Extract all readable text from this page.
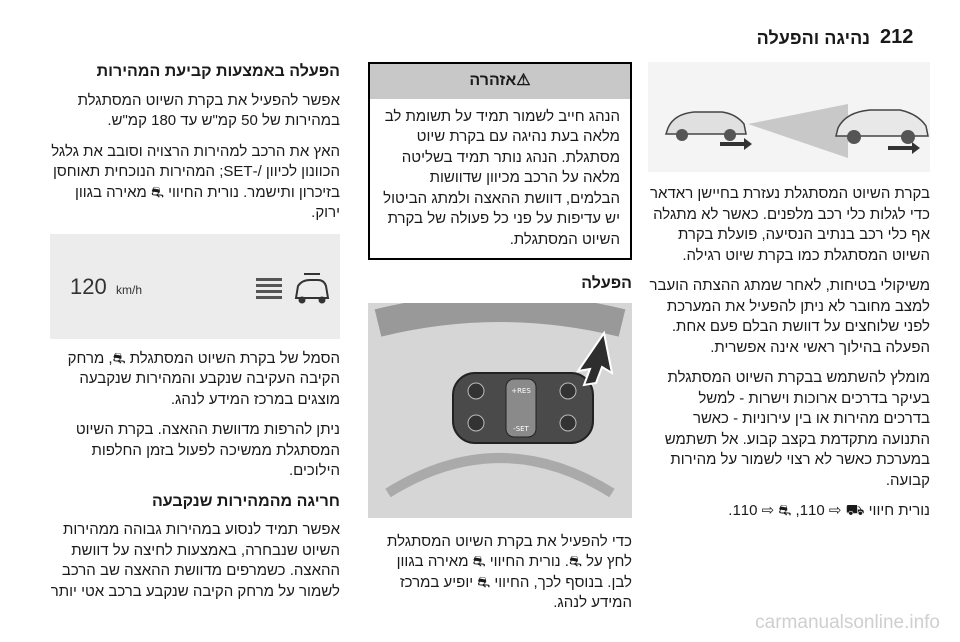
212
נהיגה והפעלה

בקרת השיוט המסתגלת נעזרת בחיישן ראדאר כדי לגלות כלי רכב מלפנים. כאשר לא מתגלה אף כלי רכב בנתיב הנסיעה, פועלת בקרת השיוט המסתגלת כמו בקרת שיוט רגילה.

משיקולי בטיחות, לאחר שמתג ההצתה הועבר למצב מחובר לא ניתן להפעיל את המערכת לפני שלוחצים על דוושת הבלם פעם אחת. הפעלה בהילוך ראשי אינה אפשרית.

מומלץ להשתמש בבקרת השיוט המסתגלת בעיקר בדרכים ארוכות וישרות - למשל בדרכים מהירות או בין עירוניות - כאשר התנועה מתקדמת בקצב קבוע. אל תשתמש במערכת כאשר לא רצוי לשמור על מהירות קבועה.

נורית חיווי ⛟ ⇨ 110, ⛐ ⇨ 110.

⚠אזהרה
הנהג חייב לשמור תמיד על תשומת לב מלאה בעת נהיגה עם בקרת שיוט מסתגלת. הנהג נותר תמיד בשליטה מלאה על הרכב מכיוון שדוושות הבלמים, דוושת ההאצה ולמתג הביטול יש עדיפות על פני כל פעולה של בקרת השיוט המסתגלת.
הפעלה
RES+
SET-

כדי להפעיל את בקרת השיוט המסתגלת לחץ על ⛐. נורית החיווי ⛐ מאירה בגוון לבן. בנוסף לכך, החיווי ⛐ יופיע במרכז המידע לנהג.

הפעלה באמצעות קביעת המהירות

אפשר להפעיל את בקרת השיוט המסתגלת במהירות של 50 קמ"ש עד 180 קמ"ש.

האץ את הרכב למהירות הרצויה וסובב את גלגל הכוונון לכיוון /-SET; המהירות הנוכחית תאוחסן בזיכרון ותישמר. נורית החיווי ⛐ מאירה בגוון ירוק.

120 km/h

הסמל של בקרת השיוט המסתגלת ⛐, מרחק הקיבה העקיבה שנקבע והמהירות שנקבעה מוצגים במרכז המידע לנהג.

ניתן להרפות מדוושת ההאצה. בקרת השיוט המסתגלת ממשיכה לפעול בזמן החלפות הילוכים.

חריגה מהמהירות שנקבעה

אפשר תמיד לנסוע במהירות גבוהה ממהירות השיוט שנבחרה, באמצעות לחיצה על דוושת ההאצה. כשמרפים מדוושת ההאצה שב הרכב לשמור על מרחק הקיבה שנקבע ברכב אטי יותר

carmanualsonline.info
